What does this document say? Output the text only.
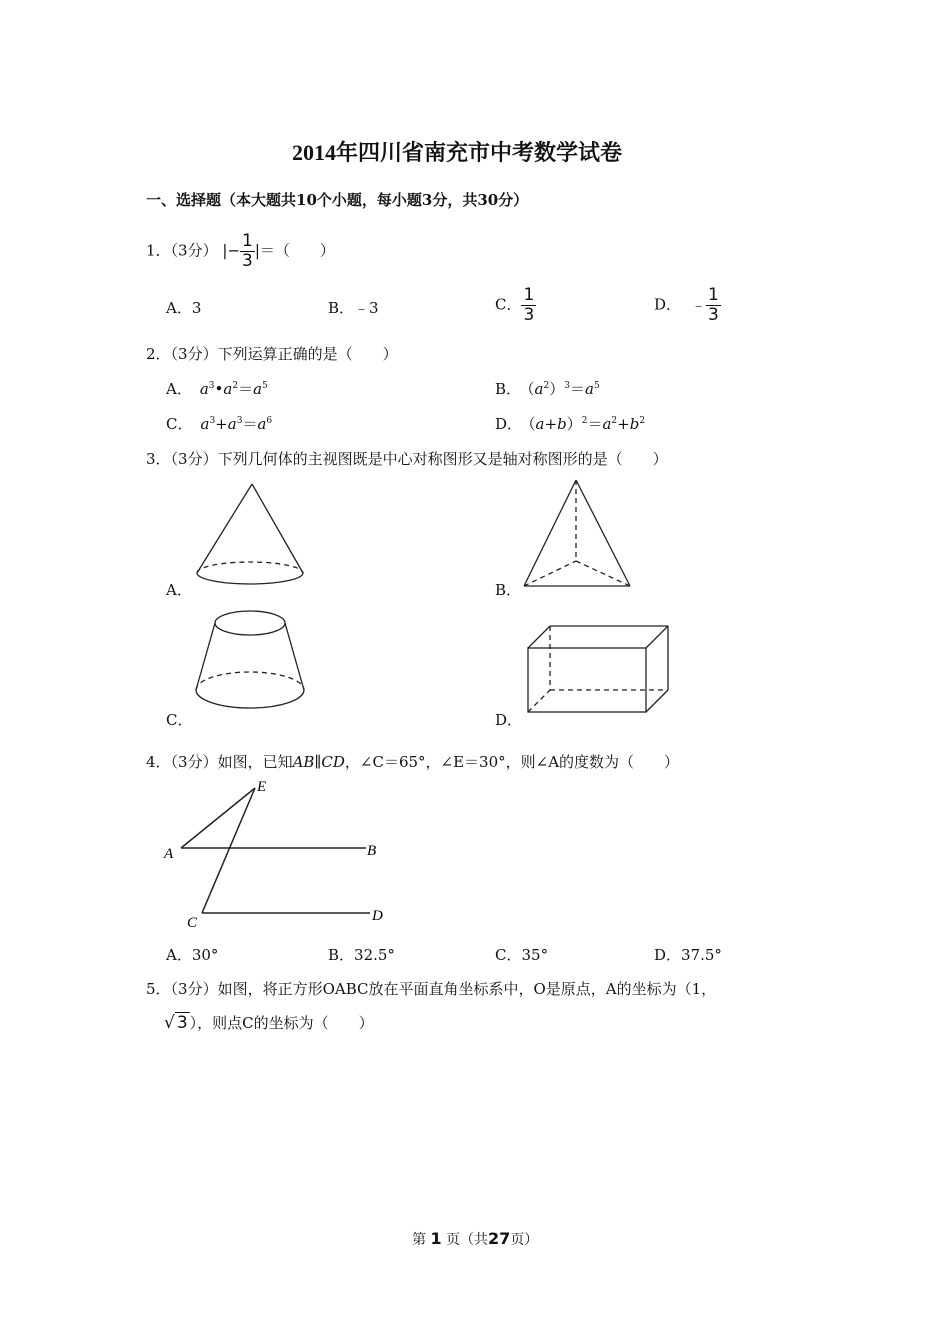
2014年四川省南充市中考数学试卷
一、选择题（本大题共10个小题，每小题3分，共30分）
1．（3分） |− $\frac{1}{3}$ |＝（　　）
A．3	B．﹣3	C． $\frac{1}{3}$	D． ﹣ $\frac{1}{3}$
2．（3分）下列运算正确的是（　　）
A． $a^3•a^2=a^5$	B． $(a^2)^3=a^5$
C． $a^3+a^3=a^6$	D． $(a+b)^2=a^2+b^2$
3．（3分）下列几何体的主视图既是中心对称图形又是轴对称图形的是（　　）
A．	B．
C．	D．
4．（3分）如图，已知AB∥CD，∠C＝65°，∠E＝30°，则∠A的度数为（　　）
E
A	B
C	D
A．30°	B．32.5°	C．35°	D．37.5°
5．（3分）如图，将正方形OABC放在平面直角坐标系中，O是原点，A的坐标为（1，
√ 3 ），则点C的坐标为（　　）
第 1 页（共27页）
